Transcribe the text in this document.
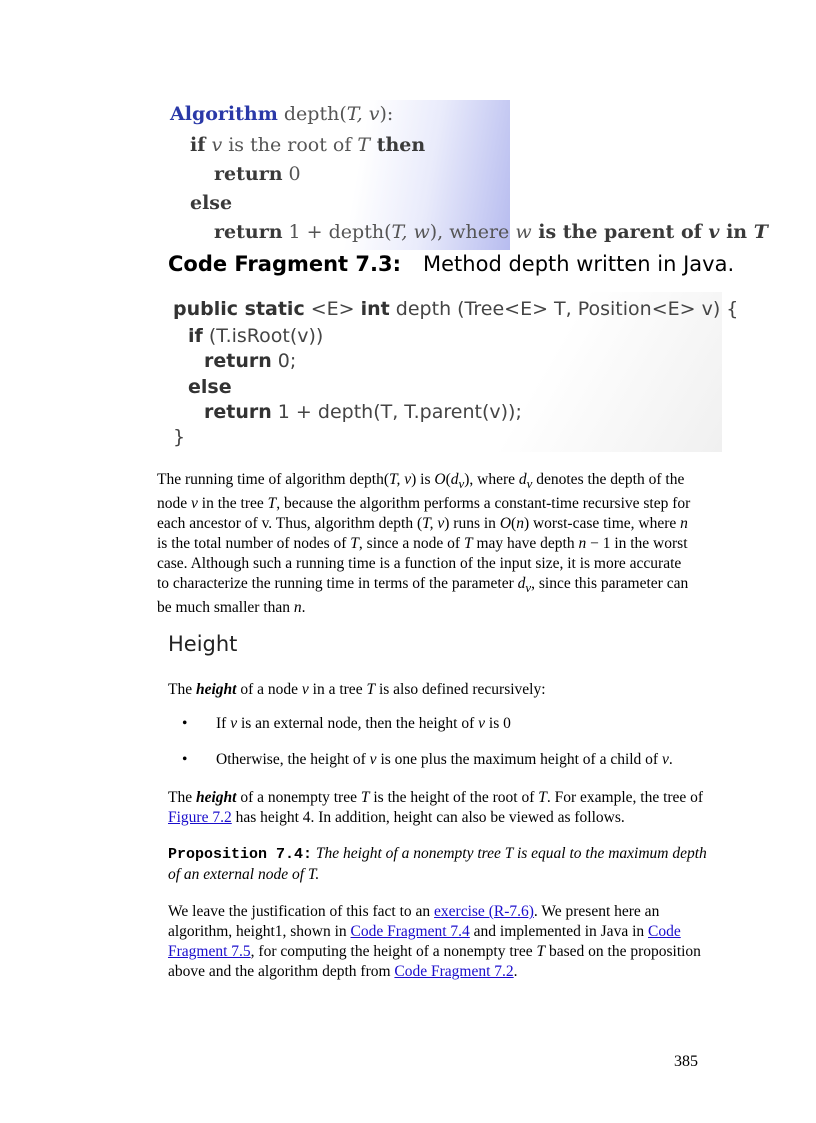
Algorithm depth(T, v):
if v is the root of T then
return 0
else
return 1 + depth(T, w), where w is the parent of v in T
Code Fragment 7.3: Method depth written in Java.
public static <E> int depth (Tree<E> T, Position<E> v) {
if (T.isRoot(v))
return 0;
else
return 1 + depth(T, T.parent(v));
}
The running time of algorithm depth(T, v) is $O(d_v)$, where $d_v$ denotes the depth of the node v in the tree T, because the algorithm performs a constant-time recursive step for each ancestor of v. Thus, algorithm depth (T, v) runs in O(n) worst-case time, where n is the total number of nodes of T, since a node of T may have depth n − 1 in the worst case. Although such a running time is a function of the input size, it is more accurate to characterize the running time in terms of the parameter $d_v$, since this parameter can be much smaller than n.
Height
The height of a node v in a tree T is also defined recursively:
• If v is an external node, then the height of v is 0
• Otherwise, the height of v is one plus the maximum height of a child of v.
The height of a nonempty tree T is the height of the root of T. For example, the tree of Figure 7.2 has height 4. In addition, height can also be viewed as follows.
Proposition 7.4: The height of a nonempty tree T is equal to the maximum depth of an external node of T.
We leave the justification of this fact to an exercise (R-7.6). We present here an algorithm, height1, shown in Code Fragment 7.4 and implemented in Java in Code Fragment 7.5, for computing the height of a nonempty tree T based on the proposition above and the algorithm depth from Code Fragment 7.2.
385
